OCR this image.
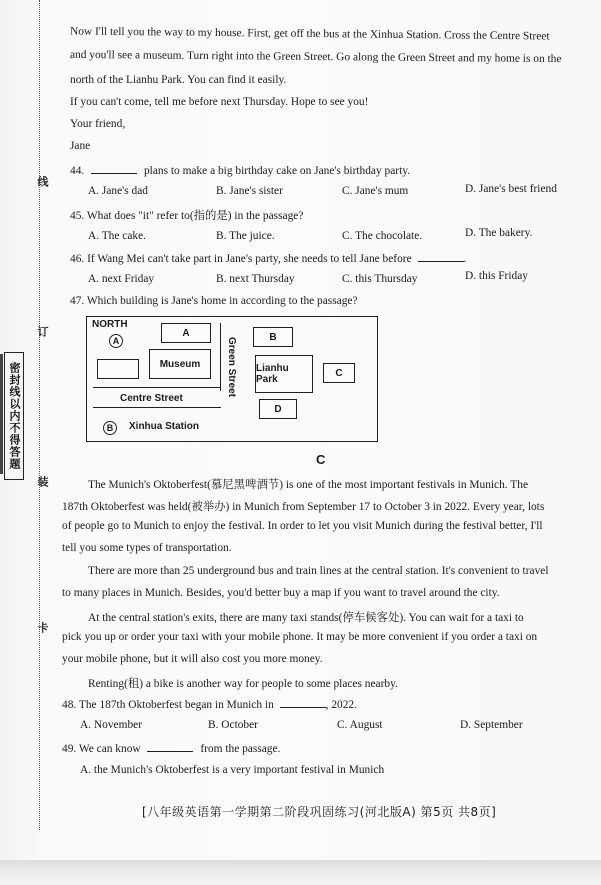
线
订
装
卡
密封线以内不得答题
Now I'll tell you the way to my house. First, get off the bus at the Xinhua Station. Cross the Centre Street
and you'll see a museum. Turn right into the Green Street. Go along the Green Street and my home is on the
north of the Lianhu Park. You can find it easily.
If you can't come, tell me before next Thursday. Hope to see you!
Your friend,
Jane
44.	plans to make a big birthday cake on Jane's birthday party.
A. Jane's dad	B. Jane's sister	C. Jane's mum	D. Jane's best friend
45. What does "it" refer to(指的是) in the passage?
A. The cake.	B. The juice.	C. The chocolate.	D. The bakery.
46. If Wang Mei can't take part in Jane's party, she needs to tell Jane before	.
A. next Friday	B. next Thursday	C. this Thursday	D. this Friday
47. Which building is Jane's home in according to the passage?
NORTH
A
A	B
Museum	Green Street Lianhu Park
C
Centre Street
D
B	Xinhua Station
C
The Munich's Oktoberfest(慕尼黑啤酒节) is one of the most important festivals in Munich. The
187th Oktoberfest was held(被举办) in Munich from September 17 to October 3 in 2022. Every year, lots
of people go to Munich to enjoy the festival. In order to let you visit Munich during the festival better, I'll
tell you some types of transportation.
There are more than 25 underground bus and train lines at the central station. It's convenient to travel
to many places in Munich. Besides, you'd better buy a map if you want to travel around the city.
At the central station's exits, there are many taxi stands(停车候客处). You can wait for a taxi to
pick you up or order your taxi with your mobile phone. It may be more convenient if you order a taxi on
your mobile phone, but it will also cost you more money.
Renting(租) a bike is another way for people to some places nearby.
48. The 187th Oktoberfest began in Munich in	, 2022.
A. November	B. October	C. August	D. September
49. We can know	from the passage.
A. the Munich's Oktoberfest is a very important festival in Munich
[八年级英语第一学期第二阶段巩固练习(河北版A) 第5页 共8页]
